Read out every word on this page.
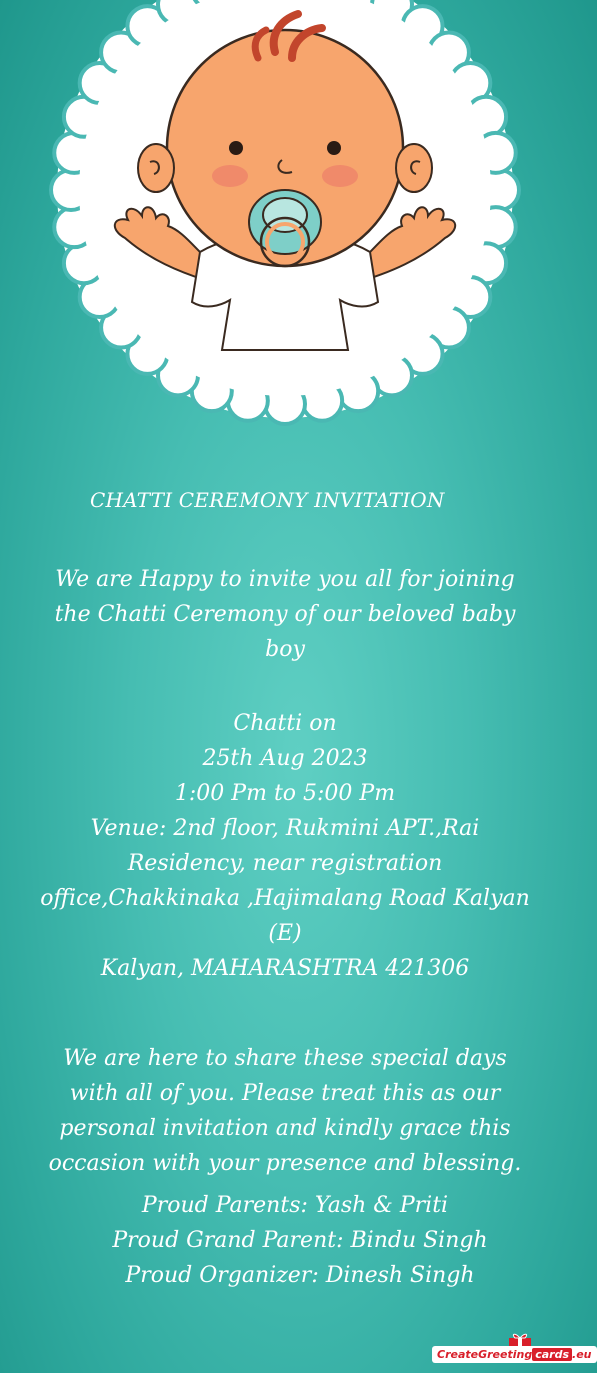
CHATTI CEREMONY INVITATION
We are Happy to invite you all for joining
the Chatti Ceremony of our beloved baby
boy
Chatti on
25th Aug 2023
1:00 Pm to 5:00 Pm
Venue: 2nd floor, Rukmini APT.,Rai
Residency, near registration
office,Chakkinaka ,Hajimalang Road Kalyan
(E)
Kalyan, MAHARASHTRA 421306
We are here to share these special days
with all of you. Please treat this as our
personal invitation and kindly grace this
occasion with your presence and blessing.
Proud Parents: Yash & Priti
Proud Grand Parent: Bindu Singh
Proud Organizer: Dinesh Singh
CreateGreeting cards .eu
